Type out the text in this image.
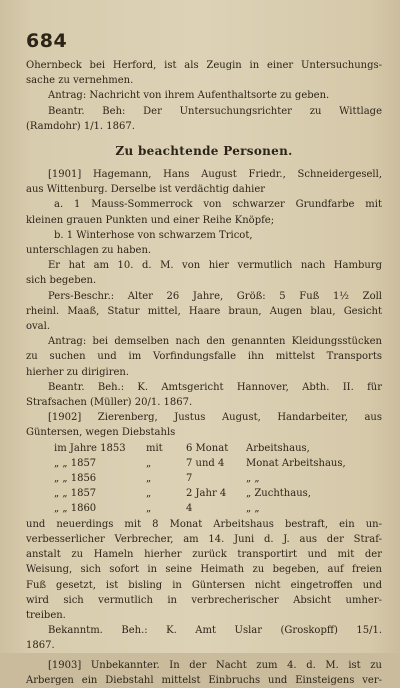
684
Ohernbeck bei Herford, ist als Zeugin in einer Untersuchungs-
sache zu vernehmen.
Antrag: Nachricht von ihrem Aufenthaltsorte zu geben.
Beantr. Beh: Der Untersuchungsrichter zu Wittlage
(Ramdohr) 1/1. 1867.
Zu beachtende Personen.
[1901] Hagemann, Hans August Friedr., Schneidergesell,
aus Wittenburg. Derselbe ist verdächtig dahier
a. 1 Mauss-Sommerrock von schwarzer Grundfarbe mit
kleinen grauen Punkten und einer Reihe Knöpfe;
b. 1 Winterhose von schwarzem Tricot,
unterschlagen zu haben.
Er hat am 10. d. M. von hier vermutlich nach Hamburg
sich begeben.
Pers-Beschr.: Alter 26 Jahre, Größ: 5 Fuß 1½ Zoll
rheinl. Maaß, Statur mittel, Haare braun, Augen blau, Gesicht
oval.
Antrag: bei demselben nach den genannten Kleidungsstücken
zu suchen und im Vorfindungsfalle ihn mittelst Transports
hierher zu dirigiren.
Beantr. Beh.: K. Amtsgericht Hannover, Abth. II. für
Strafsachen (Müller) 20/1. 1867.
[1902] Zierenberg, Justus August, Handarbeiter, aus
Güntersen, wegen Diebstahls
im Jahre 1853	mit	6 Monat	Arbeitshaus,
„ „ 1857	„	7 und 4	Monat Arbeitshaus,
„ „ 1856	„	7	„ „
„ „ 1857	„	2 Jahr 4	„ Zuchthaus,
„ „ 1860	„	4	„ „
und neuerdings mit 8 Monat Arbeitshaus bestraft, ein un-
verbesserlicher Verbrecher, am 14. Juni d. J. aus der Straf-
anstalt zu Hameln hierher zurück transportirt und mit der
Weisung, sich sofort in seine Heimath zu begeben, auf freien
Fuß gesetzt, ist bisling in Güntersen nicht eingetroffen und
wird sich vermutlich in verbrecherischer Absicht umher-
treiben.
Bekanntm. Beh.: K. Amt Uslar (Groskopff) 15/1.
1867.
[1903] Unbekannter. In der Nacht zum 4. d. M. ist zu
Arbergen ein Diebstahl mittelst Einbruchs und Einsteigens ver-
